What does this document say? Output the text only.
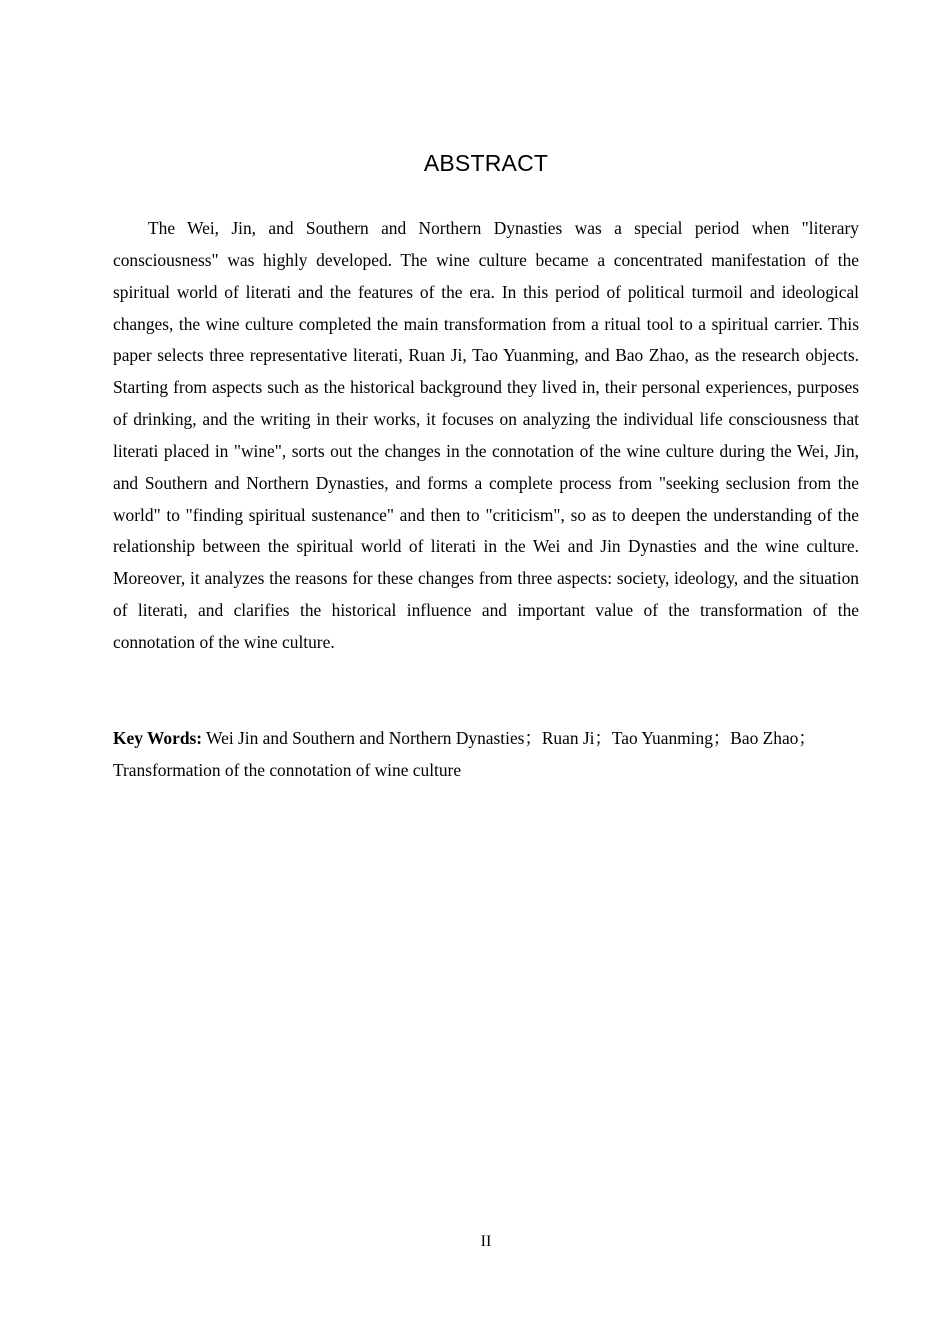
ABSTRACT

The Wei, Jin, and Southern and Northern Dynasties was a special period when "literary consciousness" was highly developed. The wine culture became a concentrated manifestation of the spiritual world of literati and the features of the era. In this period of political turmoil and ideological changes, the wine culture completed the main transformation from a ritual tool to a spiritual carrier. This paper selects three representative literati, Ruan Ji, Tao Yuanming, and Bao Zhao, as the research objects. Starting from aspects such as the historical background they lived in, their personal experiences, purposes of drinking, and the writing in their works, it focuses on analyzing the individual life consciousness that literati placed in "wine", sorts out the changes in the connotation of the wine culture during the Wei, Jin, and Southern and Northern Dynasties, and forms a complete process from "seeking seclusion from the world" to "finding spiritual sustenance" and then to "criticism", so as to deepen the understanding of the relationship between the spiritual world of literati in the Wei and Jin Dynasties and the wine culture. Moreover, it analyzes the reasons for these changes from three aspects: society, ideology, and the situation of literati, and clarifies the historical influence and important value of the transformation of the connotation of the wine culture.

Key Words: Wei Jin and Southern and Northern Dynasties；Ruan Ji；Tao Yuanming；Bao Zhao；Transformation of the connotation of wine culture

II
